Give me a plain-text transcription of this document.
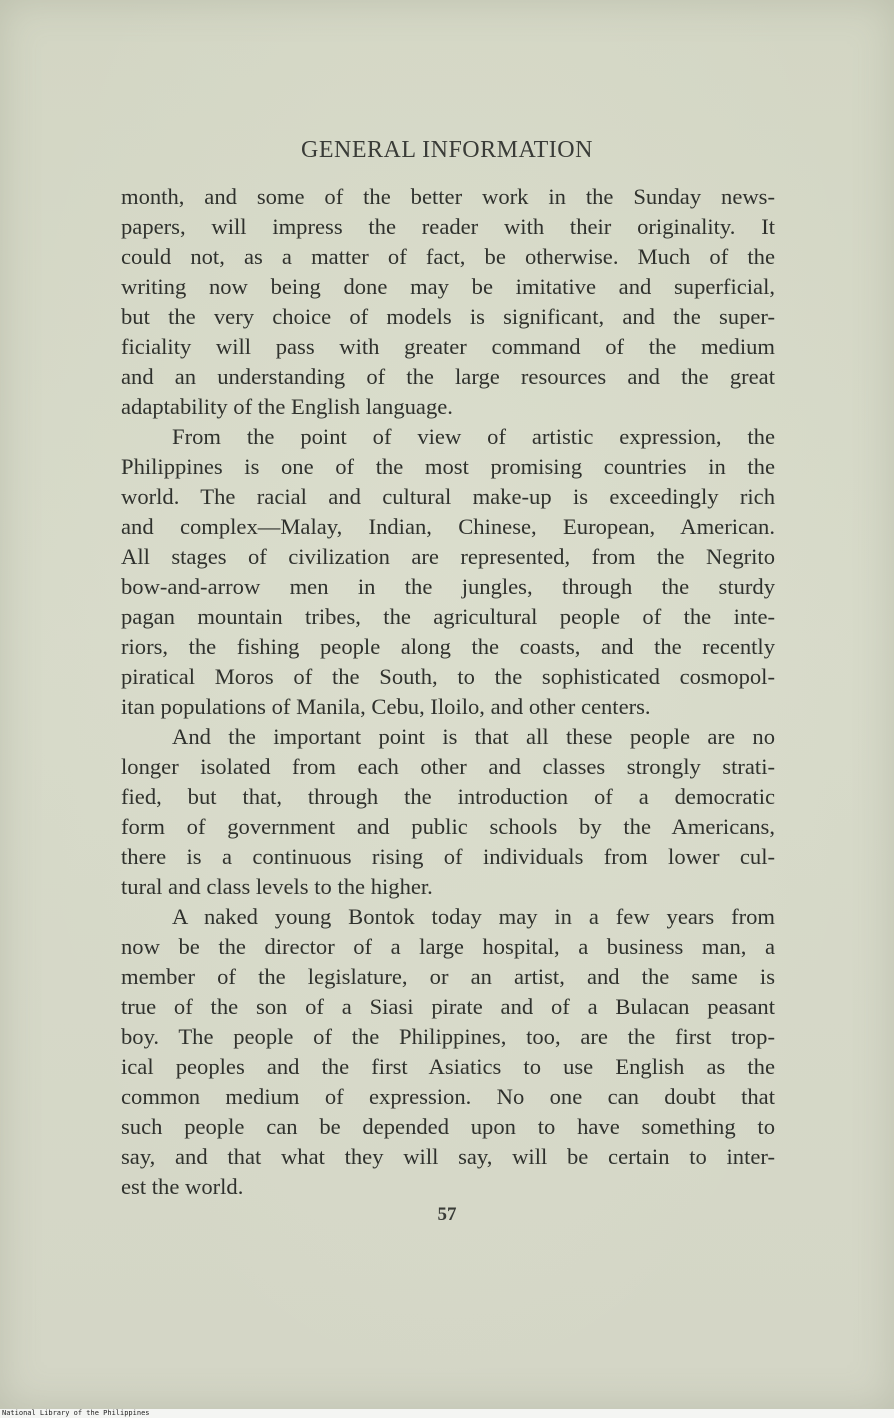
GENERAL INFORMATION
month, and some of the better work in the Sunday news-
papers, will impress the reader with their originality. It
could not, as a matter of fact, be otherwise. Much of the
writing now being done may be imitative and superficial,
but the very choice of models is significant, and the super-
ficiality will pass with greater command of the medium
and an understanding of the large resources and the great
adaptability of the English language.
From the point of view of artistic expression, the
Philippines is one of the most promising countries in the
world. The racial and cultural make-up is exceedingly rich
and complex—Malay, Indian, Chinese, European, American.
All stages of civilization are represented, from the Negrito
bow-and-arrow men in the jungles, through the sturdy
pagan mountain tribes, the agricultural people of the inte-
riors, the fishing people along the coasts, and the recently
piratical Moros of the South, to the sophisticated cosmopol-
itan populations of Manila, Cebu, Iloilo, and other centers.
And the important point is that all these people are no
longer isolated from each other and classes strongly strati-
fied, but that, through the introduction of a democratic
form of government and public schools by the Americans,
there is a continuous rising of individuals from lower cul-
tural and class levels to the higher.
A naked young Bontok today may in a few years from
now be the director of a large hospital, a business man, a
member of the legislature, or an artist, and the same is
true of the son of a Siasi pirate and of a Bulacan peasant
boy. The people of the Philippines, too, are the first trop-
ical peoples and the first Asiatics to use English as the
common medium of expression. No one can doubt that
such people can be depended upon to have something to
say, and that what they will say, will be certain to inter-
est the world.
57
National Library of the Philippines
